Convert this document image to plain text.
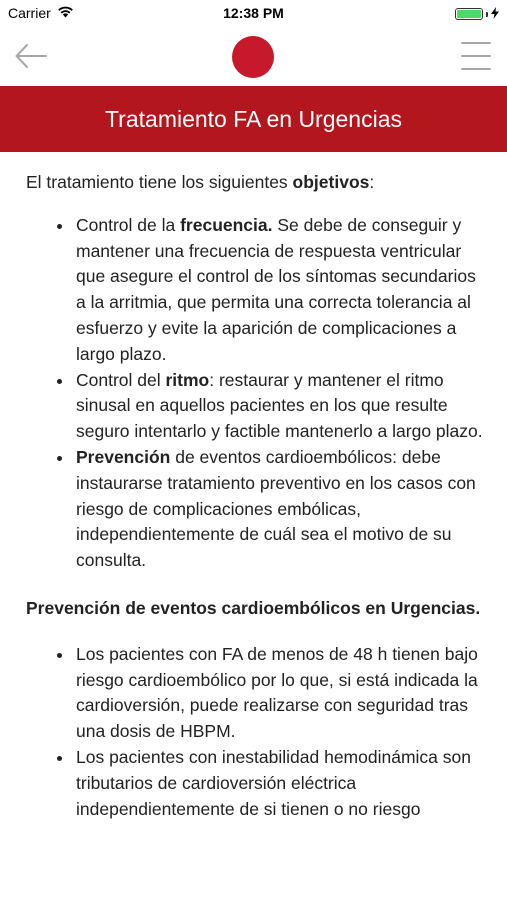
Carrier	12:38 PM
Tratamiento FA en Urgencias

El tratamiento tiene los siguientes objetivos:

• Control de la frecuencia. Se debe de conseguir y mantener una frecuencia de respuesta ventricular que asegure el control de los síntomas secundarios a la arritmia, que permita una correcta tolerancia al esfuerzo y evite la aparición de complicaciones a largo plazo.
• Control del ritmo: restaurar y mantener el ritmo sinusal en aquellos pacientes en los que resulte seguro intentarlo y factible mantenerlo a largo plazo.
• Prevención de eventos cardioembólicos: debe instaurarse tratamiento preventivo en los casos con riesgo de complicaciones embólicas, independientemente de cuál sea el motivo de su consulta.

Prevención de eventos cardioembólicos en Urgencias.

• Los pacientes con FA de menos de 48 h tienen bajo riesgo cardioembólico por lo que, si está indicada la cardioversión, puede realizarse con seguridad tras una dosis de HBPM.
• Los pacientes con inestabilidad hemodinámica son tributarios de cardioversión eléctrica independientemente de si tienen o no riesgo
